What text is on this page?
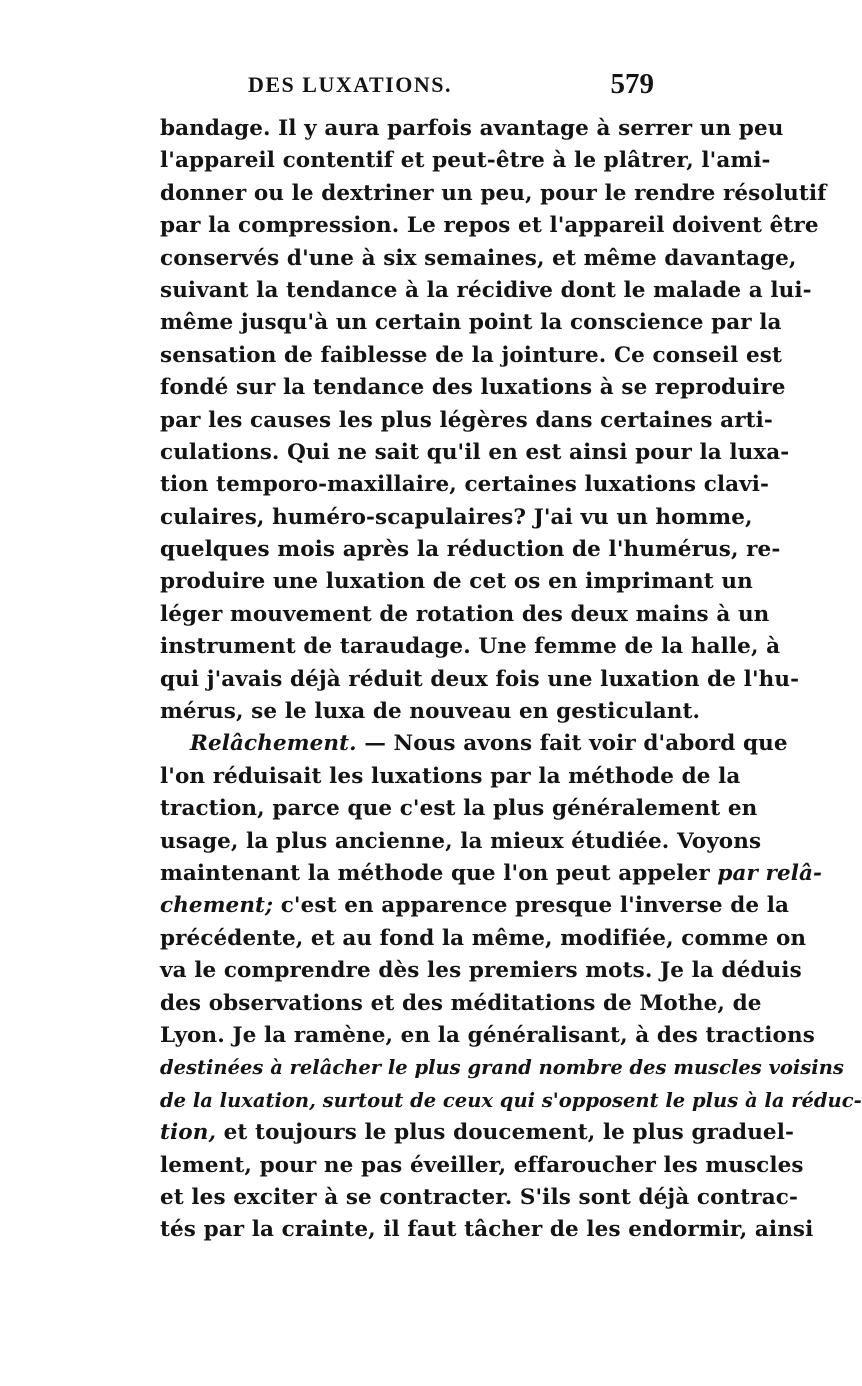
DES LUXATIONS.	579
bandage. Il y aura parfois avantage à serrer un peu
l'appareil contentif et peut-être à le plâtrer, l'ami-
donner ou le dextriner un peu, pour le rendre résolutif
par la compression. Le repos et l'appareil doivent être
conservés d'une à six semaines, et même davantage,
suivant la tendance à la récidive dont le malade a lui-
même jusqu'à un certain point la conscience par la
sensation de faiblesse de la jointure. Ce conseil est
fondé sur la tendance des luxations à se reproduire
par les causes les plus légères dans certaines arti-
culations. Qui ne sait qu'il en est ainsi pour la luxa-
tion temporo-maxillaire, certaines luxations clavi-
culaires, huméro-scapulaires? J'ai vu un homme,
quelques mois après la réduction de l'humérus, re-
produire une luxation de cet os en imprimant un
léger mouvement de rotation des deux mains à un
instrument de taraudage. Une femme de la halle, à
qui j'avais déjà réduit deux fois une luxation de l'hu-
mérus, se le luxa de nouveau en gesticulant.
Relâchement. — Nous avons fait voir d'abord que
l'on réduisait les luxations par la méthode de la
traction, parce que c'est la plus généralement en
usage, la plus ancienne, la mieux étudiée. Voyons
maintenant la méthode que l'on peut appeler par relâ-
chement; c'est en apparence presque l'inverse de la
précédente, et au fond la même, modifiée, comme on
va le comprendre dès les premiers mots. Je la déduis
des observations et des méditations de Mothe, de
Lyon. Je la ramène, en la généralisant, à des tractions
destinées à relâcher le plus grand nombre des muscles voisins
de la luxation, surtout de ceux qui s'opposent le plus à la réduc-
tion, et toujours le plus doucement, le plus graduel-
lement, pour ne pas éveiller, effaroucher les muscles
et les exciter à se contracter. S'ils sont déjà contrac-
tés par la crainte, il faut tâcher de les endormir, ainsi
